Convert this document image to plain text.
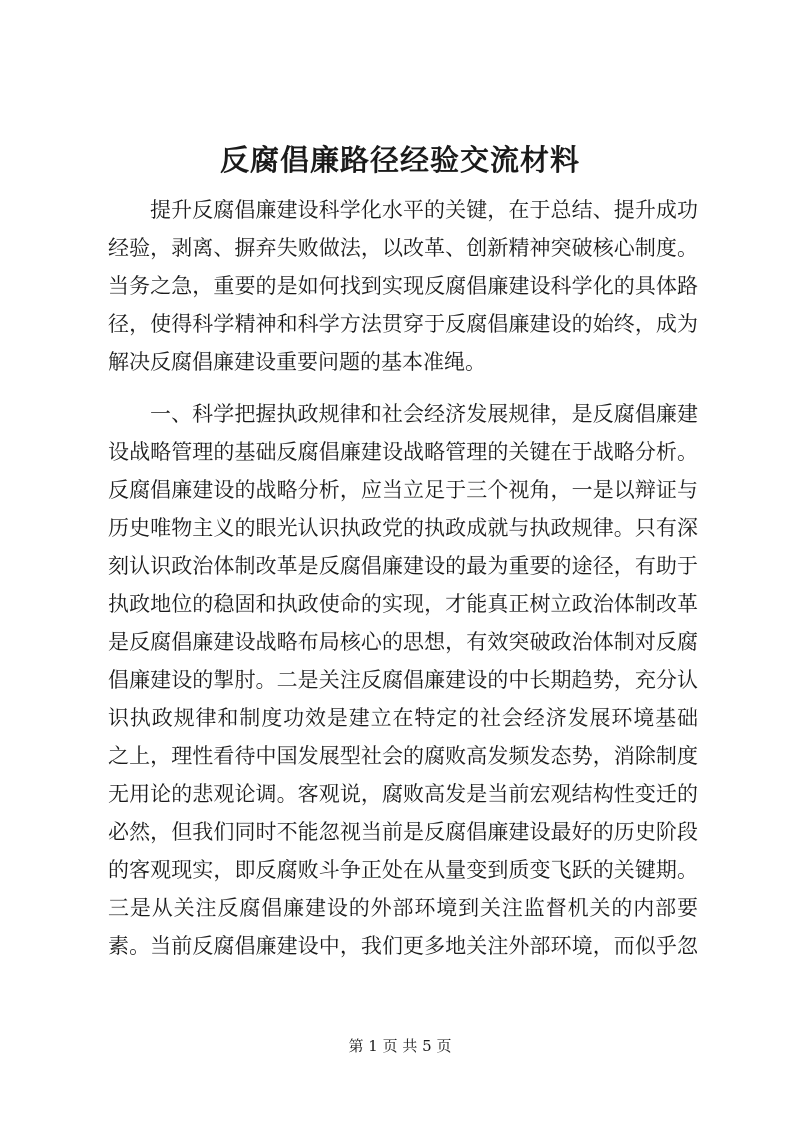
反腐倡廉路径经验交流材料
提升反腐倡廉建设科学化水平的关键，在于总结、提升成功
经验，剥离、摒弃失败做法，以改革、创新精神突破核心制度。
当务之急，重要的是如何找到实现反腐倡廉建设科学化的具体路
径，使得科学精神和科学方法贯穿于反腐倡廉建设的始终，成为
解决反腐倡廉建设重要问题的基本准绳。
一、科学把握执政规律和社会经济发展规律，是反腐倡廉建
设战略管理的基础反腐倡廉建设战略管理的关键在于战略分析。
反腐倡廉建设的战略分析，应当立足于三个视角，一是以辩证与
历史唯物主义的眼光认识执政党的执政成就与执政规律。只有深
刻认识政治体制改革是反腐倡廉建设的最为重要的途径，有助于
执政地位的稳固和执政使命的实现，才能真正树立政治体制改革
是反腐倡廉建设战略布局核心的思想，有效突破政治体制对反腐
倡廉建设的掣肘。二是关注反腐倡廉建设的中长期趋势，充分认
识执政规律和制度功效是建立在特定的社会经济发展环境基础
之上，理性看待中国发展型社会的腐败高发频发态势，消除制度
无用论的悲观论调。客观说，腐败高发是当前宏观结构性变迁的
必然，但我们同时不能忽视当前是反腐倡廉建设最好的历史阶段
的客观现实，即反腐败斗争正处在从量变到质变飞跃的关键期。
三是从关注反腐倡廉建设的外部环境到关注监督机关的内部要
素。当前反腐倡廉建设中，我们更多地关注外部环境，而似乎忽
第 1 页 共 5 页
